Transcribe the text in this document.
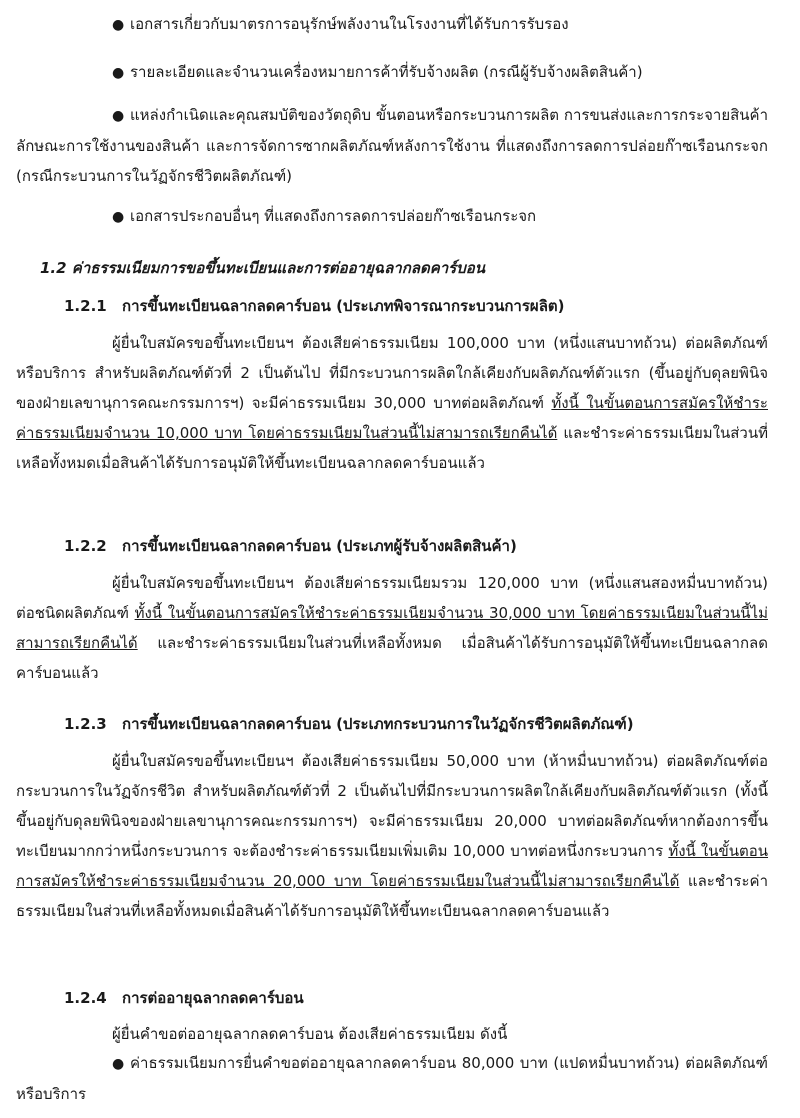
● เอกสารเกี่ยวกับมาตรการอนุรักษ์พลังงานในโรงงานที่ได้รับการรับรอง
● รายละเอียดและจำนวนเครื่องหมายการค้าที่รับจ้างผลิต (กรณีผู้รับจ้างผลิตสินค้า)
● แหล่งกำเนิดและคุณสมบัติของวัตถุดิบ ขั้นตอนหรือกระบวนการผลิต การขนส่งและการกระจายสินค้า ลักษณะการใช้งานของสินค้า และการจัดการซากผลิตภัณฑ์หลังการใช้งาน ที่แสดงถึงการลดการปล่อยก๊าซเรือนกระจก (กรณีกระบวนการในวัฏจักรชีวิตผลิตภัณฑ์)
● เอกสารประกอบอื่นๆ ที่แสดงถึงการลดการปล่อยก๊าซเรือนกระจก
1.2 ค่าธรรมเนียมการขอขึ้นทะเบียนและการต่ออายุฉลากลดคาร์บอน
1.2.1 การขึ้นทะเบียนฉลากลดคาร์บอน (ประเภทพิจารณากระบวนการผลิต)
ผู้ยื่นใบสมัครขอขึ้นทะเบียนฯ ต้องเสียค่าธรรมเนียม 100,000 บาท (หนึ่งแสนบาทถ้วน) ต่อผลิตภัณฑ์หรือบริการ สำหรับผลิตภัณฑ์ตัวที่ 2 เป็นต้นไป ที่มีกระบวนการผลิตใกล้เคียงกับผลิตภัณฑ์ตัวแรก (ขึ้นอยู่กับดุลยพินิจของฝ่ายเลขานุการคณะกรรมการฯ) จะมีค่าธรรมเนียม 30,000 บาทต่อผลิตภัณฑ์ ทั้งนี้ ในขั้นตอนการสมัครให้ชำระค่าธรรมเนียมจำนวน 10,000 บาท โดยค่าธรรมเนียมในส่วนนี้ไม่สามารถเรียกคืนได้ และชำระค่าธรรมเนียมในส่วนที่เหลือทั้งหมดเมื่อสินค้าได้รับการอนุมัติให้ขึ้นทะเบียนฉลากลดคาร์บอนแล้ว
1.2.2 การขึ้นทะเบียนฉลากลดคาร์บอน (ประเภทผู้รับจ้างผลิตสินค้า)
ผู้ยื่นใบสมัครขอขึ้นทะเบียนฯ ต้องเสียค่าธรรมเนียมรวม 120,000 บาท (หนึ่งแสนสองหมื่นบาทถ้วน) ต่อชนิดผลิตภัณฑ์ ทั้งนี้ ในขั้นตอนการสมัครให้ชำระค่าธรรมเนียมจำนวน 30,000 บาท โดยค่าธรรมเนียมในส่วนนี้ไม่สามารถเรียกคืนได้ และชำระค่าธรรมเนียมในส่วนที่เหลือทั้งหมด เมื่อสินค้าได้รับการอนุมัติให้ขึ้นทะเบียนฉลากลดคาร์บอนแล้ว
1.2.3 การขึ้นทะเบียนฉลากลดคาร์บอน (ประเภทกระบวนการในวัฏจักรชีวิตผลิตภัณฑ์)
ผู้ยื่นใบสมัครขอขึ้นทะเบียนฯ ต้องเสียค่าธรรมเนียม 50,000 บาท (ห้าหมื่นบาทถ้วน) ต่อผลิตภัณฑ์ต่อกระบวนการในวัฏจักรชีวิต สำหรับผลิตภัณฑ์ตัวที่ 2 เป็นต้นไปที่มีกระบวนการผลิตใกล้เคียงกับผลิตภัณฑ์ตัวแรก (ทั้งนี้ขึ้นอยู่กับดุลยพินิจของฝ่ายเลขานุการคณะกรรมการฯ) จะมีค่าธรรมเนียม 20,000 บาทต่อผลิตภัณฑ์หากต้องการขึ้นทะเบียนมากกว่าหนึ่งกระบวนการ จะต้องชำระค่าธรรมเนียมเพิ่มเติม 10,000 บาทต่อหนึ่งกระบวนการ ทั้งนี้ ในขั้นตอนการสมัครให้ชำระค่าธรรมเนียมจำนวน 20,000 บาท โดยค่าธรรมเนียมในส่วนนี้ไม่สามารถเรียกคืนได้ และชำระค่าธรรมเนียมในส่วนที่เหลือทั้งหมดเมื่อสินค้าได้รับการอนุมัติให้ขึ้นทะเบียนฉลากลดคาร์บอนแล้ว
1.2.4 การต่ออายุฉลากลดคาร์บอน
ผู้ยื่นคำขอต่ออายุฉลากลดคาร์บอน ต้องเสียค่าธรรมเนียม ดังนี้
● ค่าธรรมเนียมการยื่นคำขอต่ออายุฉลากลดคาร์บอน 80,000 บาท (แปดหมื่นบาทถ้วน) ต่อผลิตภัณฑ์หรือบริการ
